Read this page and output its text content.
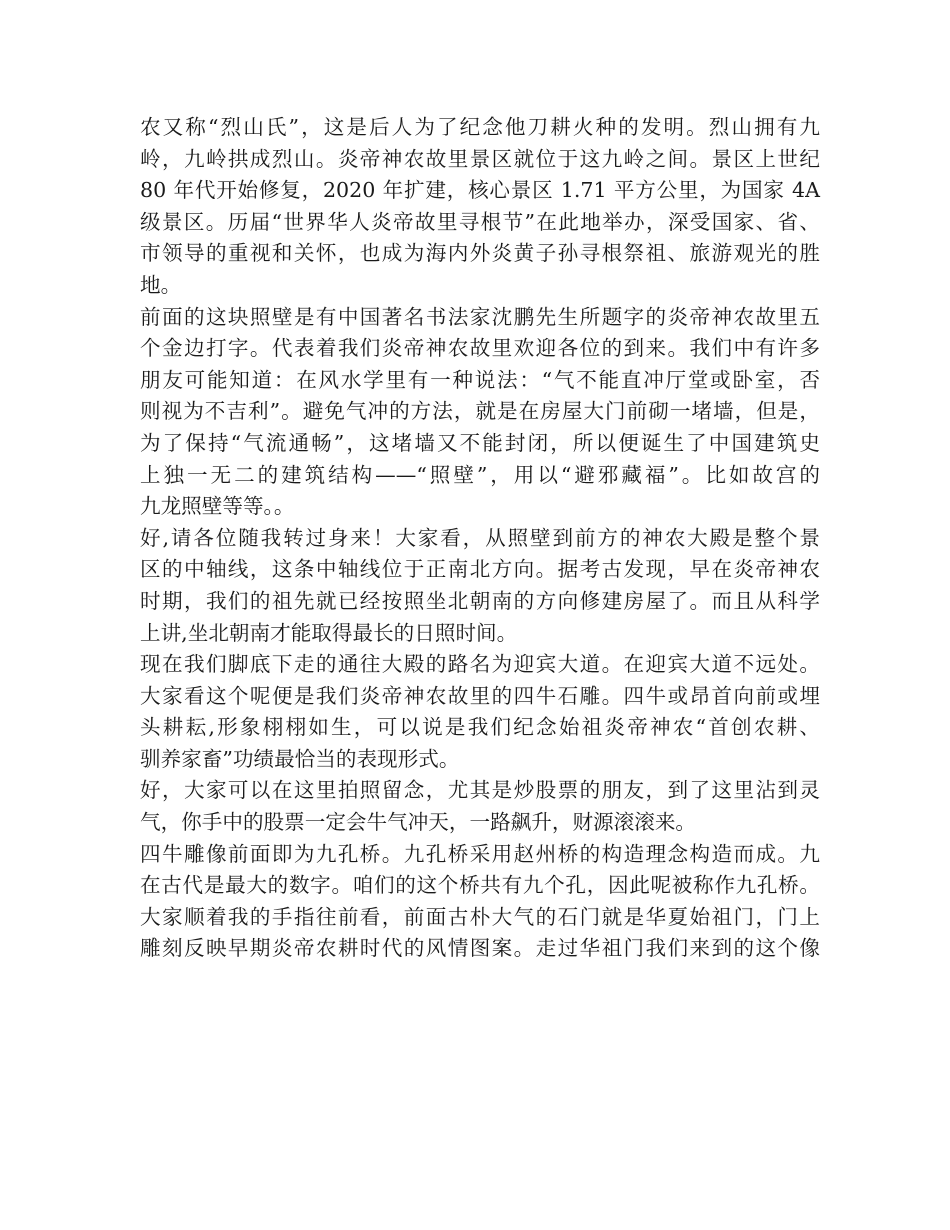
农又称“烈山氏”，这是后人为了纪念他刀耕火种的发明。烈山拥有九

岭，九岭拱成烈山。炎帝神农故里景区就位于这九岭之间。景区上世纪

80 年代开始修复，2020 年扩建，核心景区 1.71 平方公里，为国家 4A

级景区。历届“世界华人炎帝故里寻根节”在此地举办，深受国家、省、

市领导的重视和关怀，也成为海内外炎黄子孙寻根祭祖、旅游观光的胜

地。

前面的这块照壁是有中国著名书法家沈鹏先生所题字的炎帝神农故里五

个金边打字。代表着我们炎帝神农故里欢迎各位的到来。我们中有许多

朋友可能知道：在风水学里有一种说法：“气不能直冲厅堂或卧室，否

则视为不吉利”。避免气冲的方法，就是在房屋大门前砌一堵墙，但是，

为了保持“气流通畅”，这堵墙又不能封闭，所以便诞生了中国建筑史

上独一无二的建筑结构——“照壁”，用以“避邪藏福”。比如故宫的

九龙照壁等等。。

好,请各位随我转过身来！大家看，从照壁到前方的神农大殿是整个景

区的中轴线，这条中轴线位于正南北方向。据考古发现，早在炎帝神农

时期，我们的祖先就已经按照坐北朝南的方向修建房屋了。而且从科学

上讲,坐北朝南才能取得最长的日照时间。

现在我们脚底下走的通往大殿的路名为迎宾大道。在迎宾大道不远处。

大家看这个呢便是我们炎帝神农故里的四牛石雕。四牛或昂首向前或埋

头耕耘,形象栩栩如生，可以说是我们纪念始祖炎帝神农“首创农耕、

驯养家畜”功绩最恰当的表现形式。

好，大家可以在这里拍照留念，尤其是炒股票的朋友，到了这里沾到灵

气，你手中的股票一定会牛气冲天，一路飙升，财源滚滚来。

四牛雕像前面即为九孔桥。九孔桥采用赵州桥的构造理念构造而成。九

在古代是最大的数字。咱们的这个桥共有九个孔，因此呢被称作九孔桥。

大家顺着我的手指往前看，前面古朴大气的石门就是华夏始祖门，门上

雕刻反映早期炎帝农耕时代的风情图案。走过华祖门我们来到的这个像
